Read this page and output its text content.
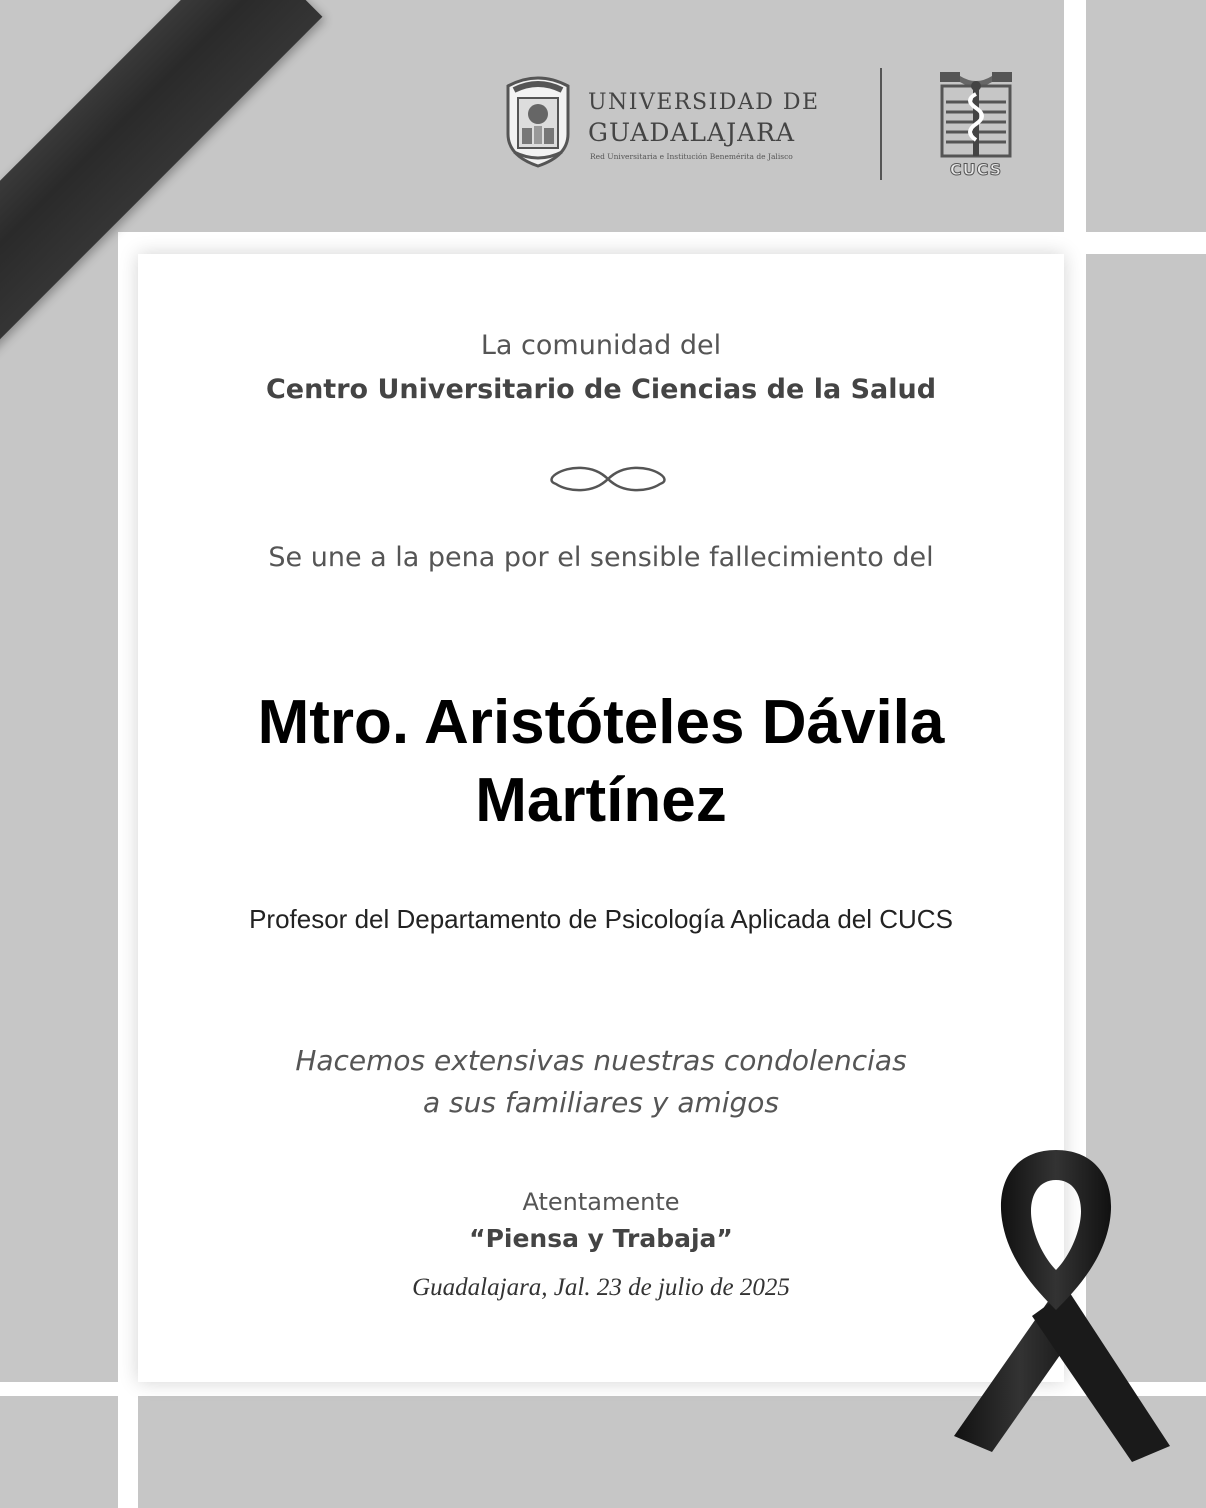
UNIVERSIDAD DE
GUADALAJARA
Red Universitaria e Institución Benemérita de Jalisco
CUCS
La comunidad del
Centro Universitario de Ciencias de la Salud
Se une a la pena por el sensible fallecimiento del
Mtro. Aristóteles Dávila
Martínez
Profesor del Departamento de Psicología Aplicada del CUCS
Hacemos extensivas nuestras condolencias
a sus familiares y amigos
Atentamente
“Piensa y Trabaja”
Guadalajara, Jal. 23 de julio de 2025
